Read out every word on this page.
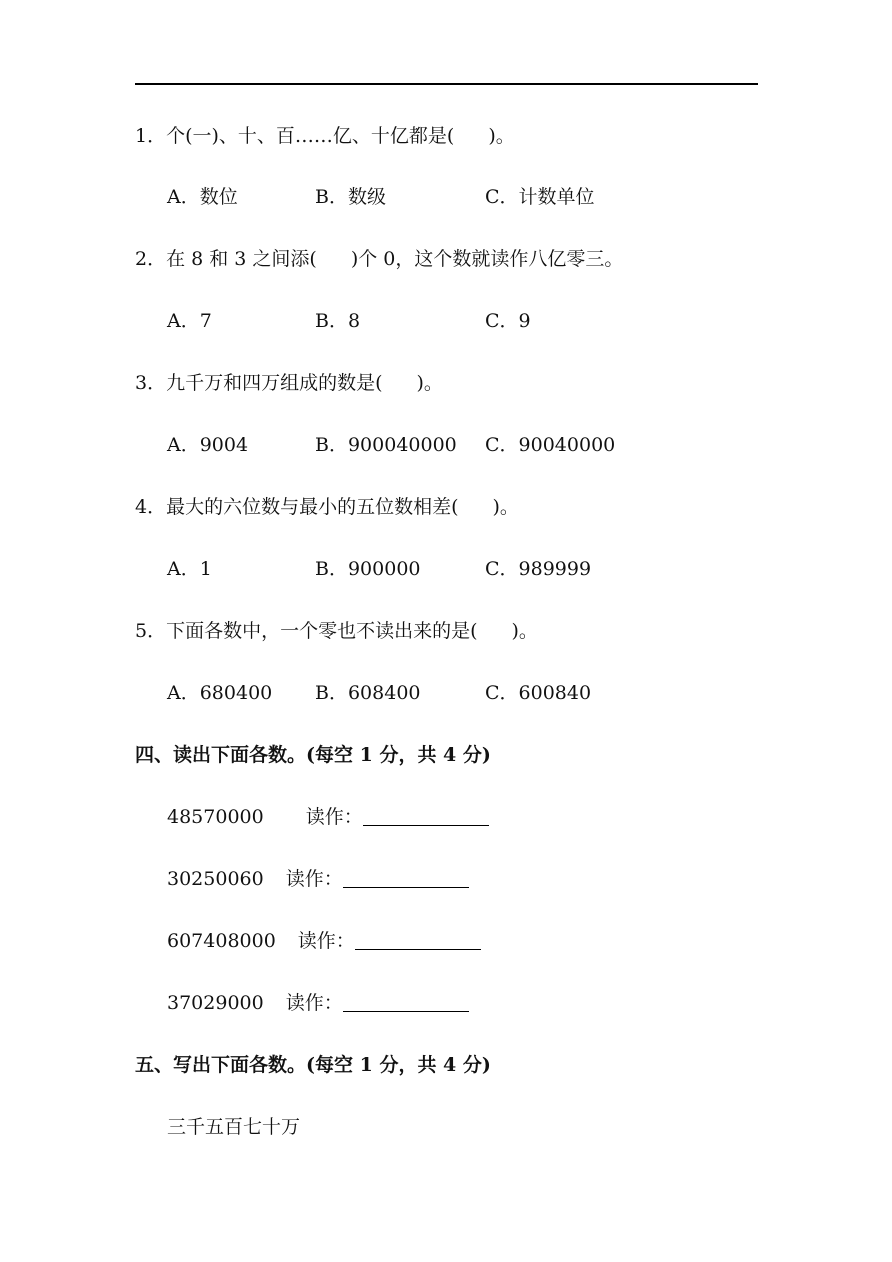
1．个(一)、十、百……亿、十亿都是( )。
A．数位	B．数级	C．计数单位
2．在 8 和 3 之间添( )个 0，这个数就读作八亿零三。
A．7	B．8	C．9
3．九千万和四万组成的数是( )。
A．9004	B．900040000 C．90040000
4．最大的六位数与最小的五位数相差( )。
A．1	B．900000	C．989999
5．下面各数中，一个零也不读出来的是( )。
A．680400 B．608400	C．600840
四、读出下面各数。(每空 1 分，共 4 分)
48570000 读作：
30250060 读作：
607408000 读作：
37029000 读作：
五、写出下面各数。(每空 1 分，共 4 分)
三千五百七十万
